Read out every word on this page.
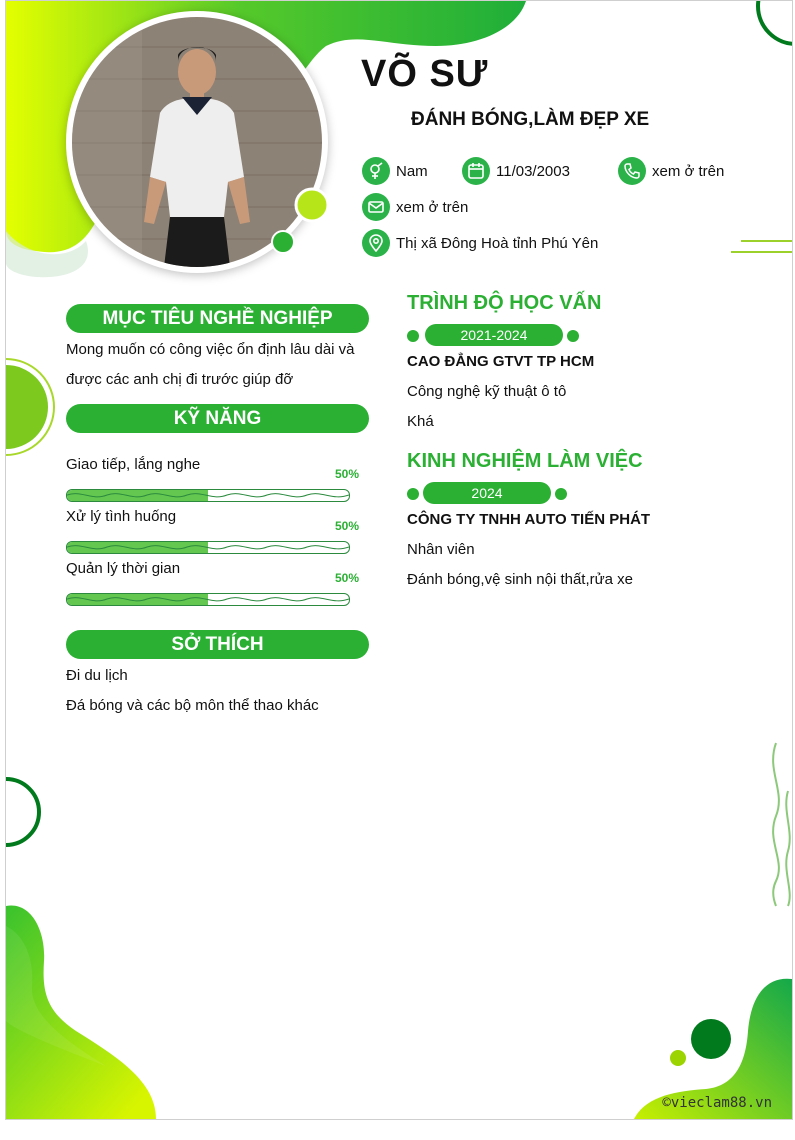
VÕ SƯ
ĐÁNH BÓNG,LÀM ĐẸP XE
Nam	11/03/2003	xem ở trên
xem ở trên
Thị xã Đông Hoà tỉnh Phú Yên
MỤC TIÊU NGHỀ NGHIỆP
Mong muốn có công việc ổn định lâu dài và
được các anh chị đi trước giúp đỡ
KỸ NĂNG
Giao tiếp, lắng nghe
50%
Xử lý tình huống
50%
Quản lý thời gian
50%
SỞ THÍCH
Đi du lịch
Đá bóng và các bộ môn thể thao khác
TRÌNH ĐỘ HỌC VẤN
2021-2024
CAO ĐẲNG GTVT TP HCM
Công nghệ kỹ thuật ô tô
Khá
KINH NGHIỆM LÀM VIỆC
2024
CÔNG TY TNHH AUTO TIẾN PHÁT
Nhân viên
Đánh bóng,vệ sinh nội thất,rửa xe
©vieclam88.vn
